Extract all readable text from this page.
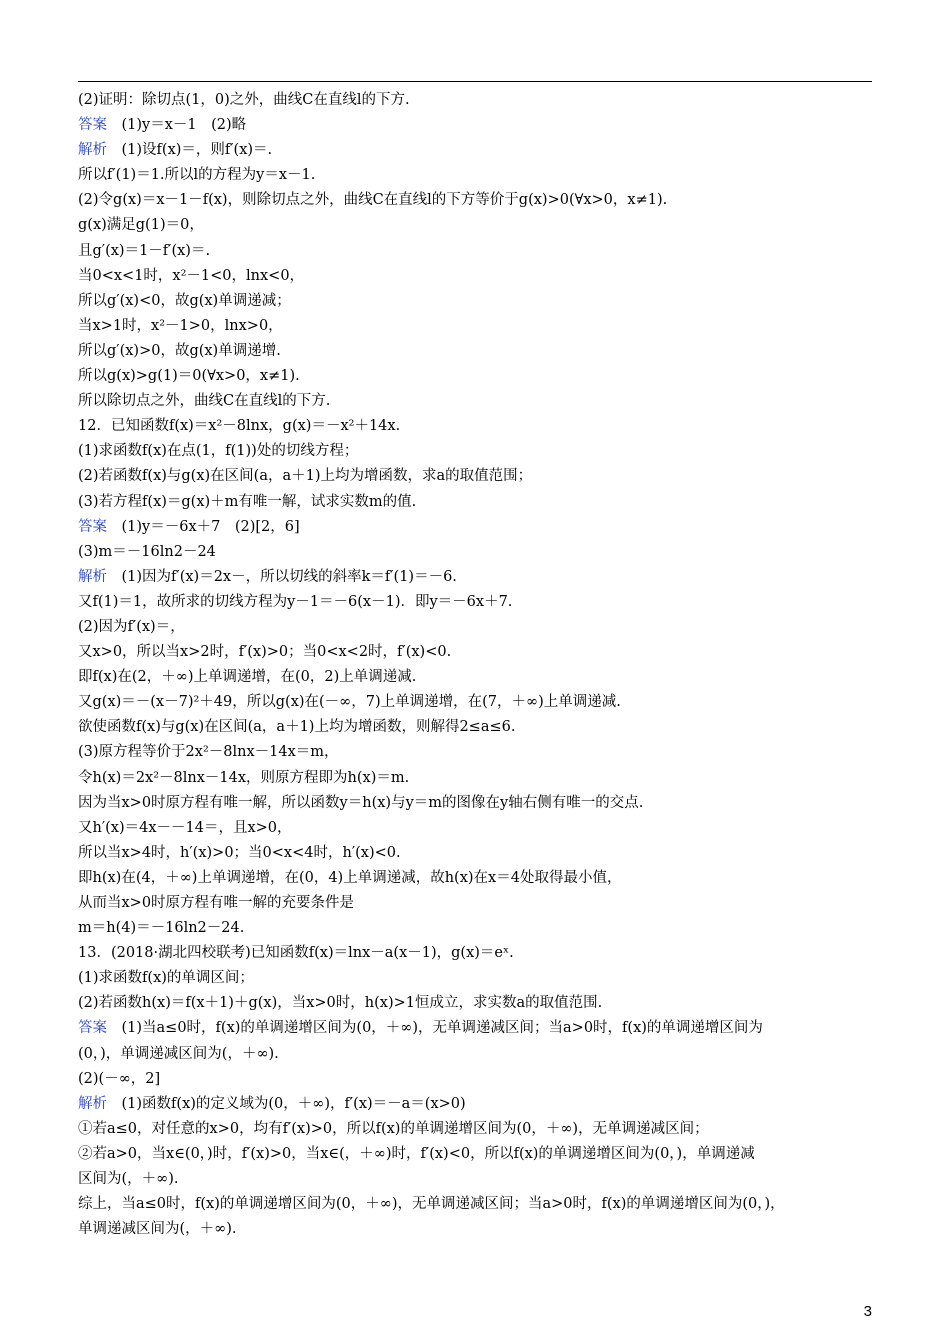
(2)证明：除切点(1，0)之外，曲线C在直线l的下方.
答案　(1)y＝x－1　(2)略
解析　(1)设f(x)＝，则f′(x)＝.
所以f′(1)＝1.所以l的方程为y＝x－1.
(2)令g(x)＝x－1－f(x)，则除切点之外，曲线C在直线l的下方等价于g(x)>0(∀x>0，x≠1).
g(x)满足g(1)＝0，
且g′(x)＝1－f′(x)＝.
当0<x<1时，x²－1<0，lnx<0，
所以g′(x)<0，故g(x)单调递减；
当x>1时，x²－1>0，lnx>0，
所以g′(x)>0，故g(x)单调递增.
所以g(x)>g(1)＝0(∀x>0，x≠1).
所以除切点之外，曲线C在直线l的下方.
12．已知函数f(x)＝x²－8lnx，g(x)＝－x²＋14x.
(1)求函数f(x)在点(1，f(1))处的切线方程；
(2)若函数f(x)与g(x)在区间(a，a＋1)上均为增函数，求a的取值范围；
(3)若方程f(x)＝g(x)＋m有唯一解，试求实数m的值.
答案　(1)y＝－6x＋7　(2)[2，6]
(3)m＝－16ln2－24
解析　(1)因为f′(x)＝2x－，所以切线的斜率k＝f′(1)＝－6.
又f(1)＝1，故所求的切线方程为y－1＝－6(x－1)．即y＝－6x＋7.
(2)因为f′(x)＝，
又x>0，所以当x>2时，f′(x)>0；当0<x<2时，f′(x)<0.
即f(x)在(2，＋∞)上单调递增，在(0，2)上单调递减.
又g(x)＝－(x－7)²＋49，所以g(x)在(－∞，7)上单调递增，在(7，＋∞)上单调递减.
欲使函数f(x)与g(x)在区间(a，a＋1)上均为增函数，则解得2≤a≤6.
(3)原方程等价于2x²－8lnx－14x＝m，
令h(x)＝2x²－8lnx－14x，则原方程即为h(x)＝m.
因为当x>0时原方程有唯一解，所以函数y＝h(x)与y＝m的图像在y轴右侧有唯一的交点.
又h′(x)＝4x－－14＝，且x>0，
所以当x>4时，h′(x)>0；当0<x<4时，h′(x)<0.
即h(x)在(4，＋∞)上单调递增，在(0，4)上单调递减，故h(x)在x＝4处取得最小值，
从而当x>0时原方程有唯一解的充要条件是
m＝h(4)＝－16ln2－24.
13．(2018·湖北四校联考)已知函数f(x)＝lnx－a(x－1)，g(x)＝eˣ.
(1)求函数f(x)的单调区间；
(2)若函数h(x)＝f(x＋1)＋g(x)，当x>0时，h(x)>1恒成立，求实数a的取值范围.
答案　(1)当a≤0时，f(x)的单调递增区间为(0，＋∞)，无单调递减区间；当a>0时，f(x)的单调递增区间为
(0，)，单调递减区间为(，＋∞).
(2)(－∞，2]
解析　(1)函数f(x)的定义域为(0，＋∞)，f′(x)＝－a＝(x>0)
①若a≤0，对任意的x>0，均有f′(x)>0，所以f(x)的单调递增区间为(0，＋∞)，无单调递减区间；
②若a>0，当x∈(0，)时，f′(x)>0，当x∈(，＋∞)时，f′(x)<0，所以f(x)的单调递增区间为(0，)，单调递减
区间为(，＋∞).
综上，当a≤0时，f(x)的单调递增区间为(0，＋∞)，无单调递减区间；当a>0时，f(x)的单调递增区间为(0，)，
单调递减区间为(，＋∞).
3
